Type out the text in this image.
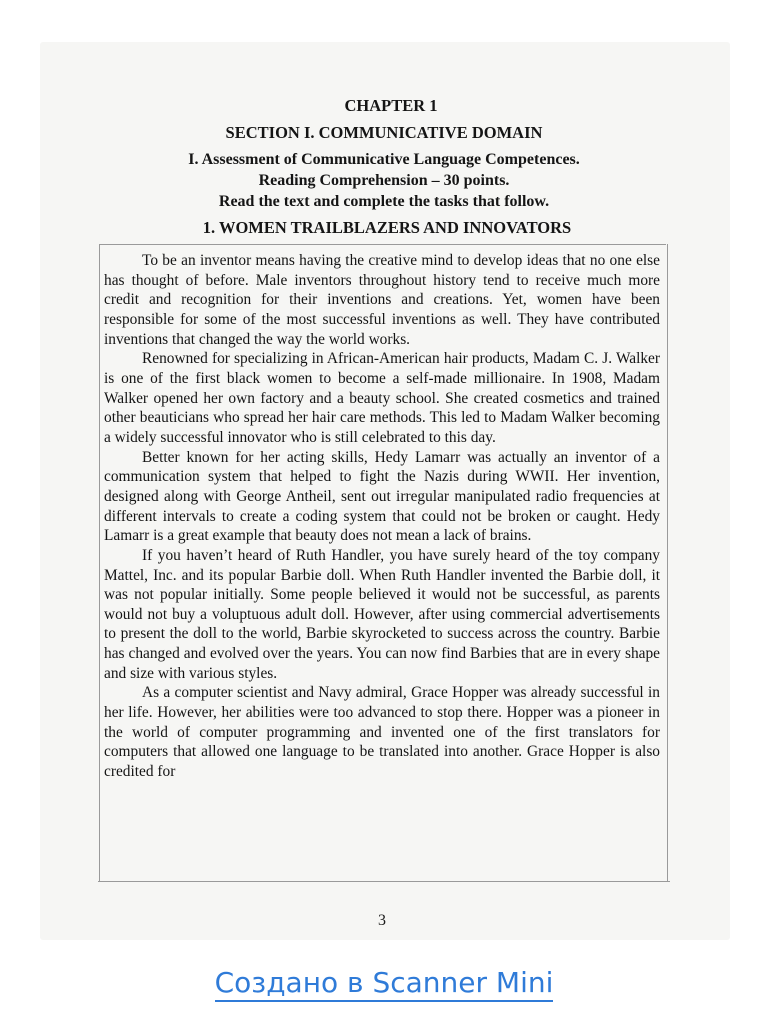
CHAPTER 1
SECTION I. COMMUNICATIVE DOMAIN
I. Assessment of Communicative Language Competences.
Reading Comprehension – 30 points.
Read the text and complete the tasks that follow.
1. WOMEN TRAILBLAZERS AND INNOVATORS

To be an inventor means having the creative mind to develop ideas that no one else has thought of before. Male inventors throughout history tend to receive much more credit and recognition for their inventions and creations. Yet, women have been responsible for some of the most successful inventions as well. They have contributed inventions that changed the way the world works.

Renowned for specializing in African-American hair products, Madam C. J. Walker is one of the first black women to become a self-made millionaire. In 1908, Madam Walker opened her own factory and a beauty school. She created cosmetics and trained other beauticians who spread her hair care methods. This led to Madam Walker becoming a widely successful innovator who is still celebrated to this day.

Better known for her acting skills, Hedy Lamarr was actually an inventor of a communication system that helped to fight the Nazis during WWII. Her invention, designed along with George Antheil, sent out irregular manipulated radio frequencies at different intervals to create a coding system that could not be broken or caught. Hedy Lamarr is a great example that beauty does not mean a lack of brains.

If you haven’t heard of Ruth Handler, you have surely heard of the toy company Mattel, Inc. and its popular Barbie doll. When Ruth Handler invented the Barbie doll, it was not popular initially. Some people believed it would not be successful, as parents would not buy a voluptuous adult doll. However, after using commercial advertisements to present the doll to the world, Barbie skyrocketed to success across the country. Barbie has changed and evolved over the years. You can now find Barbies that are in every shape and size with various styles.

As a computer scientist and Navy admiral, Grace Hopper was already successful in her life. However, her abilities were too advanced to stop there. Hopper was a pioneer in the world of computer programming and invented one of the first translators for computers that allowed one language to be translated into another. Grace Hopper is also credited for

3
Создано в Scanner Mini
